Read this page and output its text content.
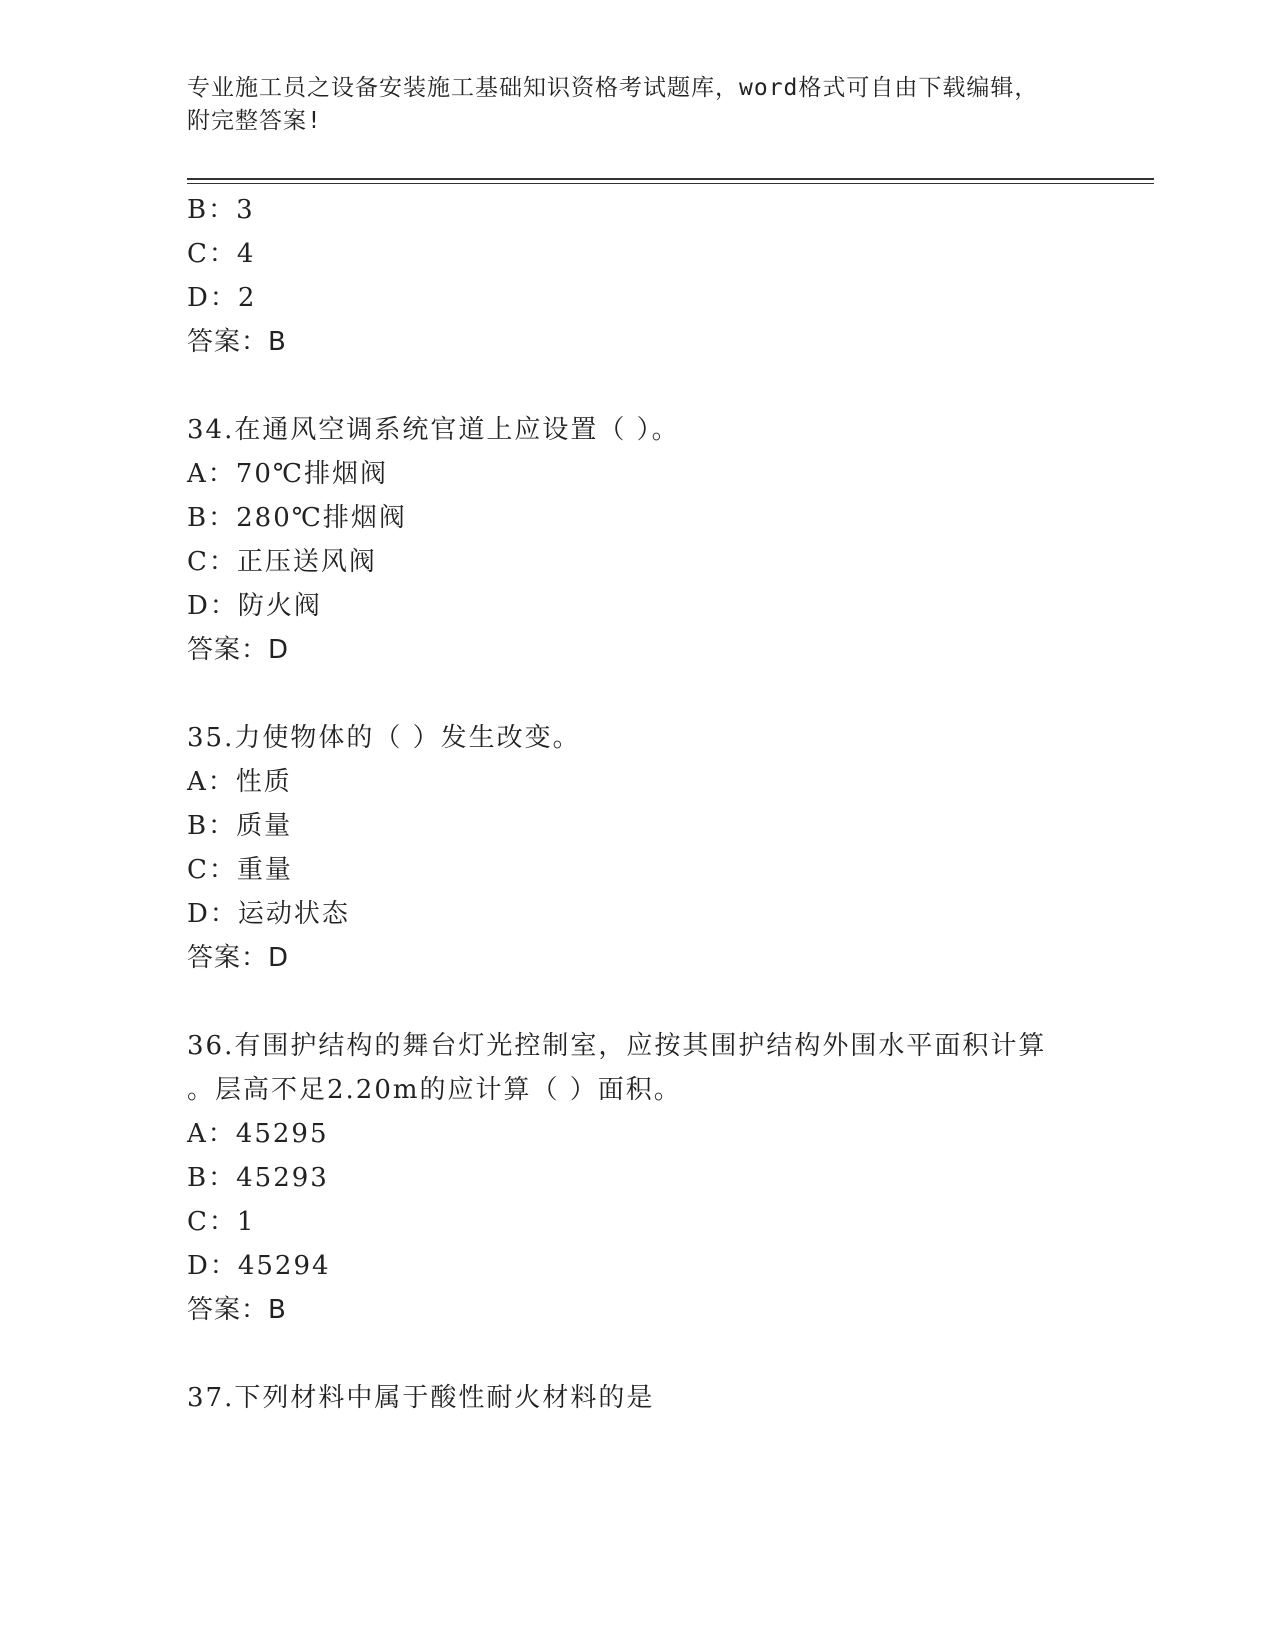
专业施工员之设备安装施工基础知识资格考试题库，word格式可自由下载编辑，
附完整答案!
B：3
C：4
D：2
答案：B
34.在通风空调系统官道上应设置（ ）。
A：70℃排烟阀
B：280℃排烟阀
C：正压送风阀
D：防火阀
答案：D
35.力使物体的（ ）发生改变。
A：性质
B：质量
C：重量
D：运动状态
答案：D
36.有围护结构的舞台灯光控制室，应按其围护结构外围水平面积计算
。层高不足2.20m的应计算（ ）面积。
A：45295
B：45293
C：1
D：45294
答案：B
37.下列材料中属于酸性耐火材料的是
